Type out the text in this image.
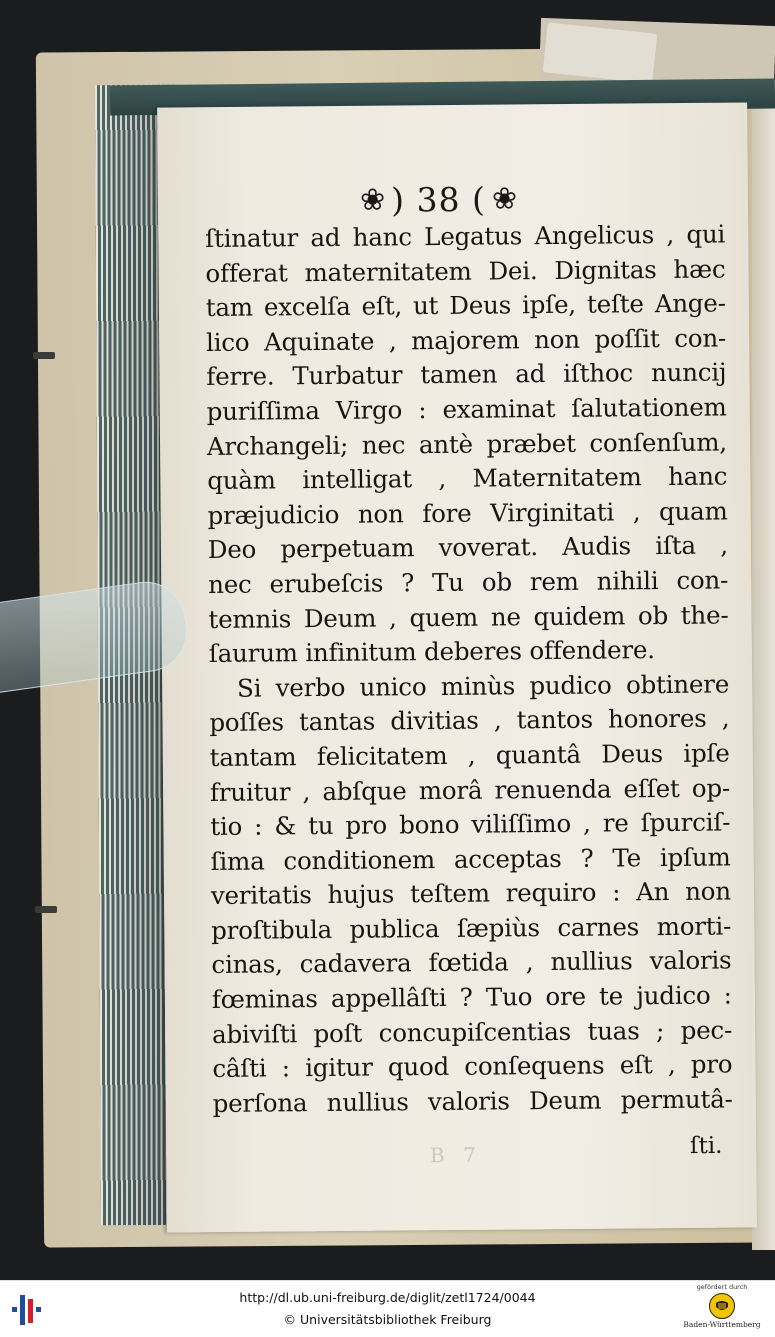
❀ ) 38 ( ❀
ſtinatur ad hanc Legatus Angelicus , qui
offerat maternitatem Dei. Dignitas hæc
tam excelſa eſt, ut Deus ipſe, teſte Ange-
lico Aquinate , majorem non poſſit con-
ferre. Turbatur tamen ad iſthoc nuncij
puriſſima Virgo : examinat ſalutationem
Archangeli; nec antè præbet conſenſum,
quàm intelligat , Maternitatem hanc
præjudicio non fore Virginitati , quam
Deo perpetuam voverat. Audis iſta ,
nec erubeſcis ? Tu ob rem nihili con-
temnis Deum , quem ne quidem ob the-
ſaurum infinitum deberes offendere.
Si verbo unico minùs pudico obtinere
poſſes tantas divitias , tantos honores ,
tantam felicitatem , quantâ Deus ipſe
fruitur , abſque morâ renuenda eſſet op-
tio : & tu pro bono viliſſimo , re ſpurciſ-
ſima conditionem acceptas ? Te ipſum
veritatis hujus teſtem requiro : An non
proſtibula publica ſæpiùs carnes morti-
cinas, cadavera fœtida , nullius valoris
fœminas appellâſti ? Tuo ore te judico :
abiviſti poſt concupiſcentias tuas ; pec-
câſti : igitur quod conſequens eſt , pro
perſona nullius valoris Deum permutâ-
B 7	ſti.
http://dl.ub.uni-freiburg.de/diglit/zetl1724/0044
© Universitätsbibliothek Freiburg
gefördert durch
Baden-Württemberg
